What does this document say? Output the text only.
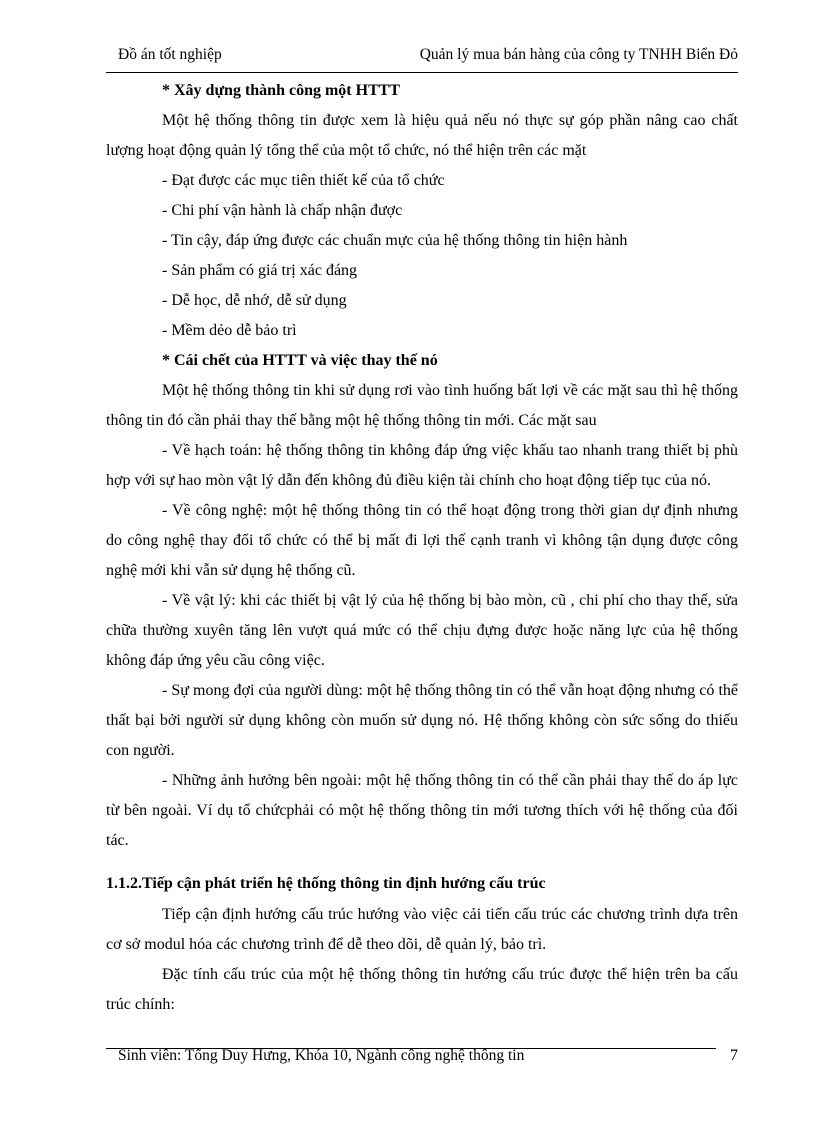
Đồ án tốt nghiệp	Quản lý mua bán hàng của công ty TNHH Biển Đỏ

* Xây dựng thành công một HTTT

Một hệ thống thông tin được xem là hiệu quả nếu nó thực sự góp phần nâng cao chất lượng hoạt động quản lý tổng thể của một tổ chức, nó thể hiện trên các mặt

- Đạt được các mục tiên thiết kế của tổ chức

- Chi phí vận hành là chấp nhận được

- Tin cậy, đáp ứng được các chuẩn mực của hệ thống thông tin hiện hành

- Sản phẩm có giá trị xác đáng

- Dễ học, dễ nhớ, dễ sử dụng

- Mềm dẻo dễ bảo trì

* Cái chết của HTTT và việc thay thế nó

Một hệ thống thông tin khi sử dụng rơi vào tình huống bất lợi về các mặt sau thì hệ thống thông tin đó cần phải thay thế bằng một hệ thống thông tin mới. Các mặt sau

- Về hạch toán: hệ thống thông tin không đáp ứng việc khấu tao nhanh trang thiết bị phù hợp với sự hao mòn vật lý dẫn đến không đủ điều kiện tài chính cho hoạt động tiếp tục của nó.

- Về công nghệ: một hệ thống thông tin có thể hoạt động trong thời gian dự định nhưng do công nghệ thay đổi tổ chức có thể bị mất đi lợi thế cạnh tranh vì không tận dụng được công nghệ mới khi vẫn sử dụng hệ thống cũ.

- Về vật lý: khi các thiết bị vật lý của hệ thống bị bào mòn, cũ , chi phí cho thay thế, sửa chữa thường xuyên tăng lên vượt quá mức có thể chịu đựng được hoặc năng lực của hệ thống không đáp ứng yêu cầu công việc.

- Sự mong đợi của người dùng: một hệ thống thông tin có thể vẫn hoạt động nhưng có thể thất bại bởi người sử dụng không còn muốn sử dụng nó. Hệ thống không còn sức sống do thiếu con người.

- Những ảnh hưởng bên ngoài: một hệ thống thông tin có thể cần phải thay thế do áp lực từ bên ngoài. Ví dụ tổ chứcphải có một hệ thống thông tin mới tương thích với hệ thống của đối tác.

1.1.2.Tiếp cận phát triển hệ thống thông tin định hướng cấu trúc

Tiếp cận định hướng cấu trúc hướng vào việc cải tiến cấu trúc các chương trình dựa trên cơ sở modul hóa các chương trình để dễ theo dõi, dễ quản lý, bảo trì.

Đặc tính cấu trúc của một hệ thống thông tin hướng cấu trúc được thể hiện trên ba cấu trúc chính:

Sinh viên: Tống Duy Hưng, Khóa 10, Ngành công nghệ thông tin	7
